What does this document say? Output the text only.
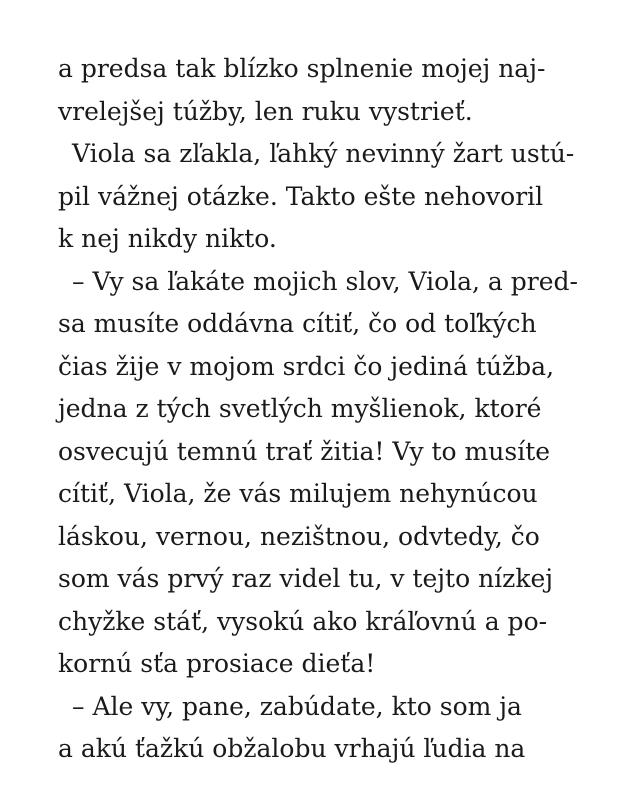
a predsa tak blízko splnenie mojej naj-
vrelejšej túžby, len ruku vystrieť.
Viola sa zľakla, ľahký nevinný žart ustú-
pil vážnej otázke. Takto ešte nehovoril
k nej nikdy nikto.
– Vy sa ľakáte mojich slov, Viola, a pred-
sa musíte oddávna cítiť, čo od toľkých
čias žije v mojom srdci čo jediná túžba,
jedna z tých svetlých myšlienok, ktoré
osvecujú temnú trať žitia! Vy to musíte
cítiť, Viola, že vás milujem nehynúcou
láskou, vernou, nezištnou, odvtedy, čo
som vás prvý raz videl tu, v tejto nízkej
chyžke stáť, vysokú ako kráľovnú a po-
kornú sťa prosiace dieťa!
– Ale vy, pane, zabúdate, kto som ja
a akú ťažkú obžalobu vrhajú ľudia na
